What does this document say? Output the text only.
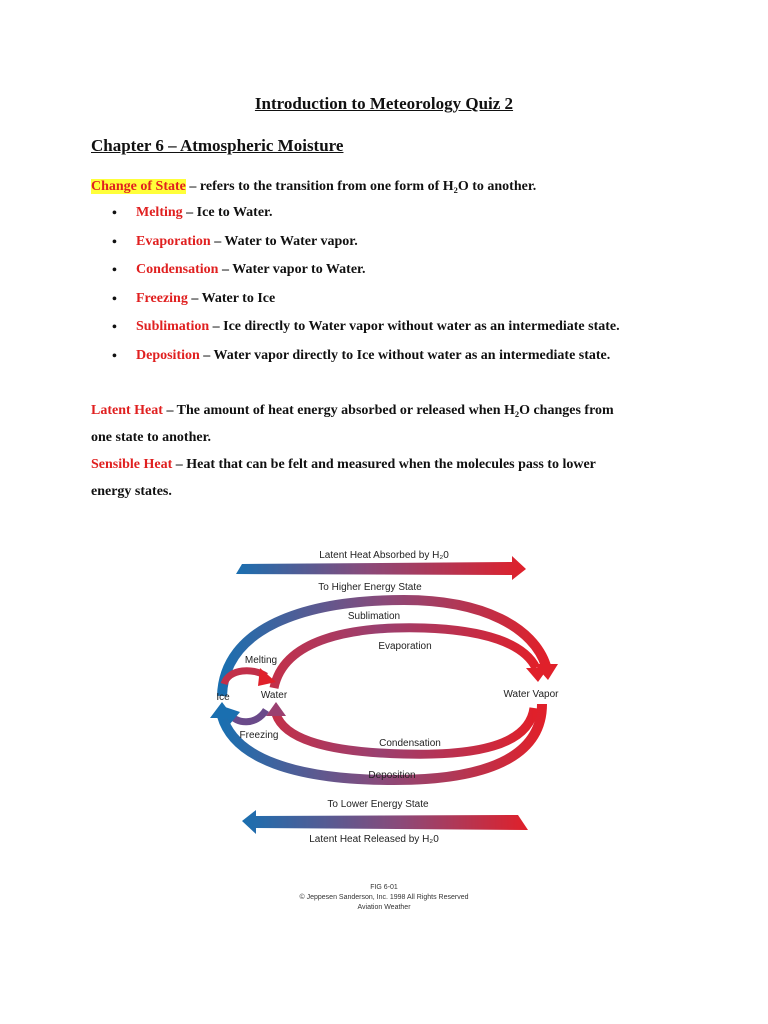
Introduction to Meteorology Quiz 2
Chapter 6 – Atmospheric Moisture
Change of State – refers to the transition from one form of H₂O to another.
• Melting – Ice to Water.
• Evaporation – Water to Water vapor.
• Condensation – Water vapor to Water.
• Freezing – Water to Ice
• Sublimation – Ice directly to Water vapor without water as an intermediate state.
• Deposition – Water vapor directly to Ice without water as an intermediate state.
Latent Heat – The amount of heat energy absorbed or released when H₂O changes from
one state to another.
Sensible Heat – Heat that can be felt and measured when the molecules pass to lower
energy states.
Latent Heat Absorbed by H₂0
To Higher Energy State
Sublimation
Evaporation
Melting
Ice	Water	Water Vapor
Freezing
Condensation
Deposition
To Lower Energy State
Latent Heat Released by H₂0
FIG 6-01
© Jeppesen Sanderson, Inc. 1998 All Rights Reserved
Aviation Weather
